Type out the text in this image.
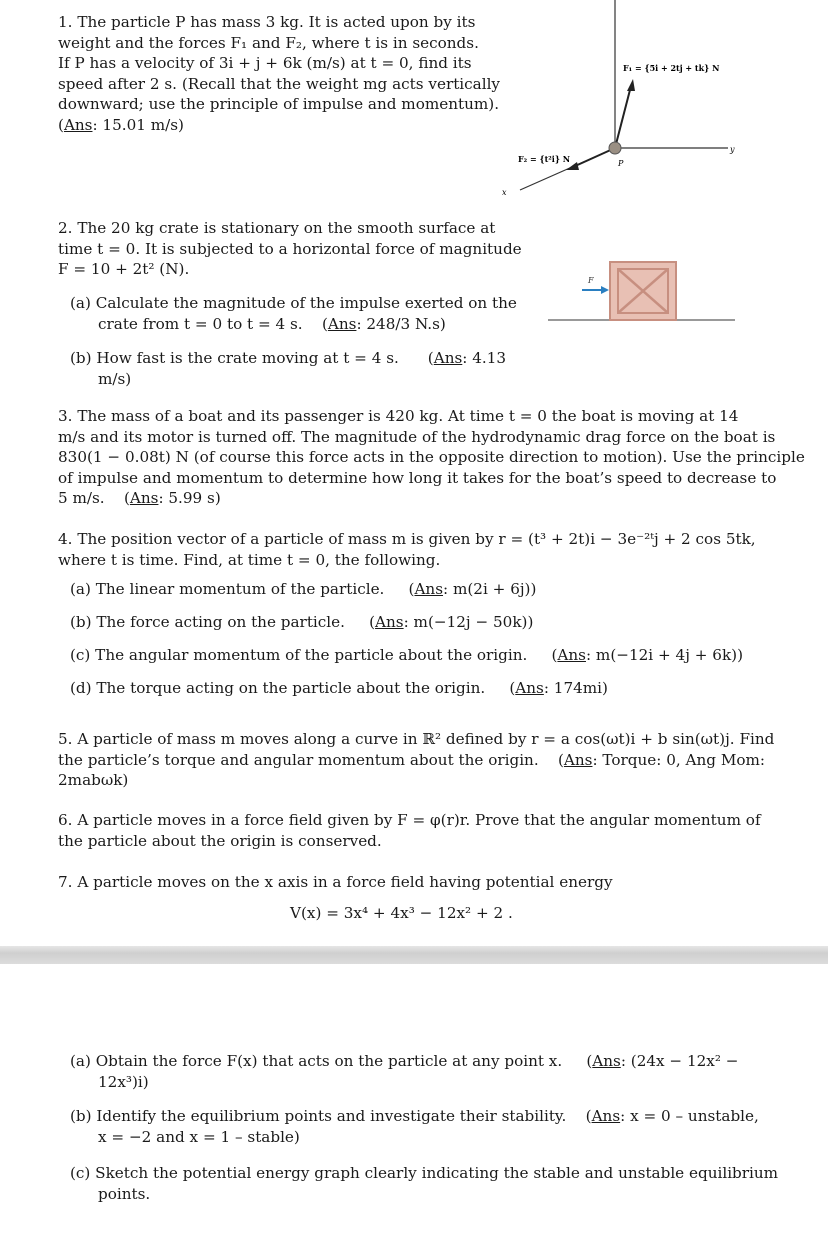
1. The particle P has mass 3 kg. It is acted upon by its
weight and the forces F₁ and F₂, where t is in seconds.
If P has a velocity of 3i + j + 6k (m/s) at t = 0, find its
speed after 2 s. (Recall that the weight mg acts vertically
downward; use the principle of impulse and momentum).
(Ans: 15.01 m/s)
F₁ = {5i + 2tj + tk} N
F₂ = {t²i} N	P
y
x
2. The 20 kg crate is stationary on the smooth surface at
time t = 0. It is subjected to a horizontal force of magnitude
F = 10 + 2t² (N).
(a) Calculate the magnitude of the impulse exerted on the
crate from t = 0 to t = 4 s.    (Ans: 248/3 N.s)
(b) How fast is the crate moving at t = 4 s.      (Ans: 4.13
m/s)
F
3. The mass of a boat and its passenger is 420 kg. At time t = 0 the boat is moving at 14
m/s and its motor is turned off. The magnitude of the hydrodynamic drag force on the boat is
830(1 − 0.08t) N (of course this force acts in the opposite direction to motion). Use the principle
of impulse and momentum to determine how long it takes for the boat’s speed to decrease to
5 m/s.    (Ans: 5.99 s)
4. The position vector of a particle of mass m is given by r = (t³ + 2t)i − 3e⁻²ᵗj + 2 cos 5tk,
where t is time. Find, at time t = 0, the following.
(a) The linear momentum of the particle.     (Ans: m(2i + 6j))
(b) The force acting on the particle.     (Ans: m(−12j − 50k))
(c) The angular momentum of the particle about the origin.     (Ans: m(−12i + 4j + 6k))
(d) The torque acting on the particle about the origin.     (Ans: 174mi)
5. A particle of mass m moves along a curve in ℝ² defined by r = a cos(ωt)i + b sin(ωt)j. Find
the particle’s torque and angular momentum about the origin.    (Ans: Torque: 0, Ang Mom:
2mabωk)
6. A particle moves in a force field given by F = φ(r)r. Prove that the angular momentum of
the particle about the origin is conserved.
7. A particle moves on the x axis in a force field having potential energy
V(x) = 3x⁴ + 4x³ − 12x² + 2 .
(a) Obtain the force F(x) that acts on the particle at any point x.     (Ans: (24x − 12x² −
12x³)i)
(b) Identify the equilibrium points and investigate their stability.    (Ans: x = 0 – unstable,
x = −2 and x = 1 – stable)
(c) Sketch the potential energy graph clearly indicating the stable and unstable equilibrium
points.
